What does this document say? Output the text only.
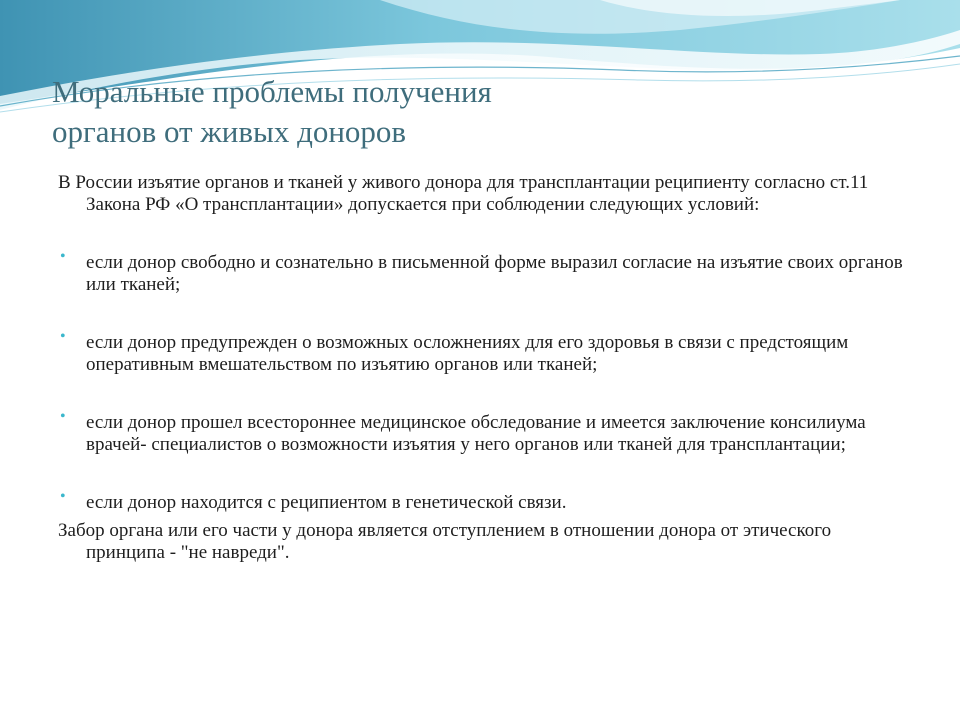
Моральные проблемы получения
органов от живых доноров

В России изъятие органов и тканей у живого донора для трансплантации реципиенту согласно ст.11 Закона РФ «О трансплантации» допускается при соблюдении следующих условий:

• если донор свободно и сознательно в письменной форме выразил согласие на изъятие своих органов или тканей;

• если донор предупрежден о возможных осложнениях для его здоровья в связи с предстоящим оперативным вмешательством по изъятию органов или тканей;

• если донор прошел всестороннее медицинское обследование и имеется заключение консилиума врачей- специалистов о возможности изъятия у него органов или тканей для трансплантации;

• если донор находится с реципиентом в генетической связи.

Забор органа или его части у донора является отступлением в отношении донора от этического принципа - "не навреди".
